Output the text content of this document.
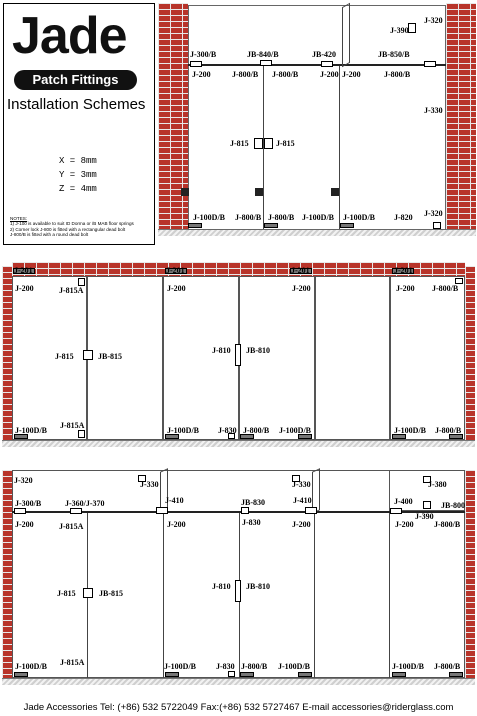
Jade
Patch Fittings
Installation Schemes
X = 8mm
Y = 3mm
Z = 4mm
NOTES:
1) J-100 is available to suit ID Dorma or /B MAB floor springs
2) Corner lock J-800 is fitted with a rectangular dead bolt
J-800/B is fitted with a round dead bolt
J-300/B
J-200
JB-840/B
J-800/B J-800/B
JB-420
J-200 J-200
JB-850/B
J-800/B
J-390
J-320
J-330
J-815	J-815
J-100D/B J-800/B J-800/B J-100D/B J-100D/B J-820 J-320
J-201	J-201	J-201	J-201
J-200	J-815A
J-815	JB-815
J-815A
J-100D/B
J-200
J-810 JB-810
J-200
J-100D/B J-830 J-800/B J-100D/B
J-200 J-800/B
J-100D/B J-800/B
J-320	J-330	J-330	J-380
J-300/B	J-360/J-370	J-410	JB-830	J-410	J-400	JB-800
J-390
J-200	J-815A	J-200	J-830	J-200	J-200	J-800/B
J-815	JB-815
J-810 JB-810
J-815A
J-100D/B	J-100D/B	J-830 J-800/B J-100D/B	J-100D/B J-800/B
Jade Accessories Tel: (+86) 532 5722049 Fax:(+86) 532 5727467 E-mail accessories@riderglass.com
